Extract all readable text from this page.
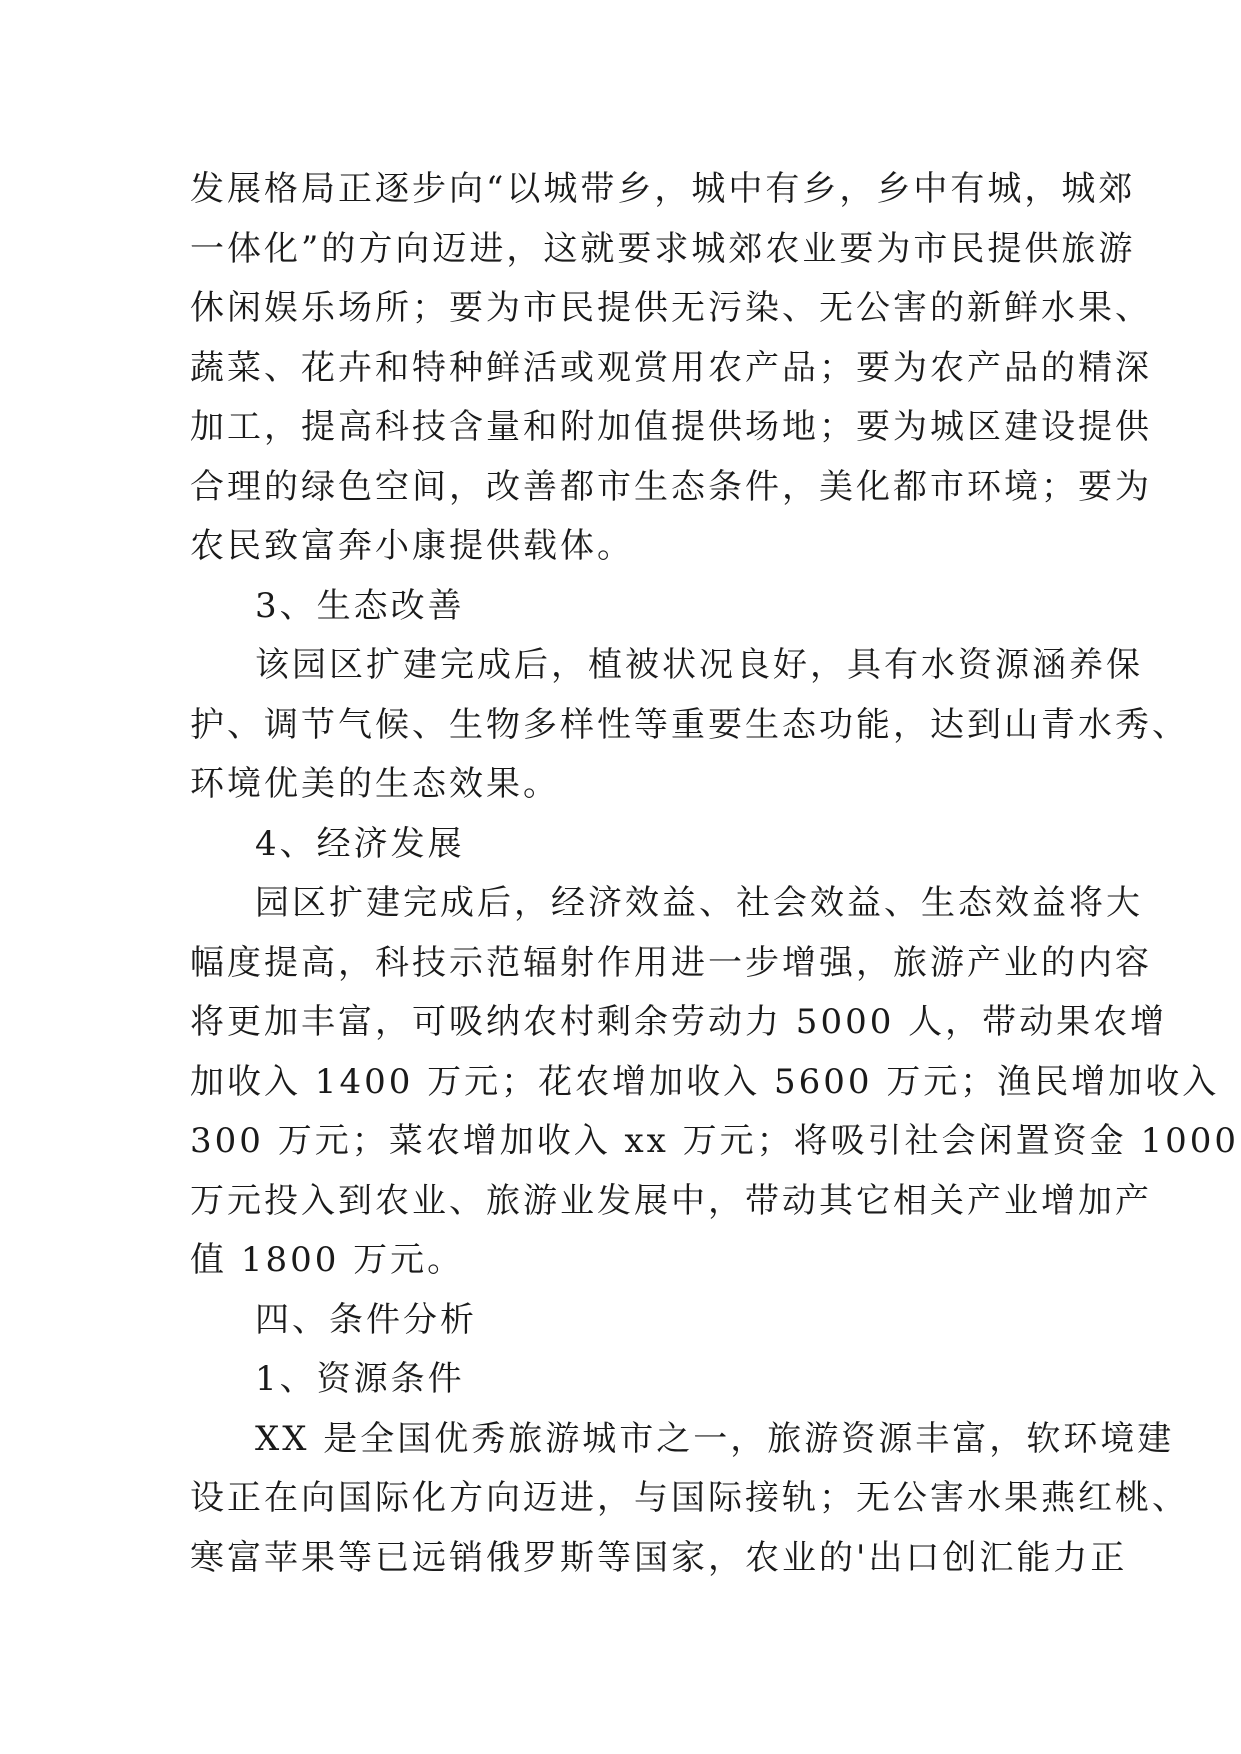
发展格局正逐步向“以城带乡，城中有乡，乡中有城，城郊
一体化”的方向迈进，这就要求城郊农业要为市民提供旅游
休闲娱乐场所；要为市民提供无污染、无公害的新鲜水果、
蔬菜、花卉和特种鲜活或观赏用农产品；要为农产品的精深
加工，提高科技含量和附加值提供场地；要为城区建设提供
合理的绿色空间，改善都市生态条件，美化都市环境；要为
农民致富奔小康提供载体。
3、生态改善
该园区扩建完成后，植被状况良好，具有水资源涵养保
护、调节气候、生物多样性等重要生态功能，达到山青水秀、
环境优美的生态效果。
4、经济发展
园区扩建完成后，经济效益、社会效益、生态效益将大
幅度提高，科技示范辐射作用进一步增强，旅游产业的内容
将更加丰富，可吸纳农村剩余劳动力 5000 人，带动果农增
加收入 1400 万元；花农增加收入 5600 万元；渔民增加收入
300 万元；菜农增加收入 xx 万元；将吸引社会闲置资金 1000
万元投入到农业、旅游业发展中，带动其它相关产业增加产
值 1800 万元。
四、条件分析
1、资源条件
XX 是全国优秀旅游城市之一，旅游资源丰富，软环境建
设正在向国际化方向迈进，与国际接轨；无公害水果燕红桃、
寒富苹果等已远销俄罗斯等国家，农业的'出口创汇能力正
